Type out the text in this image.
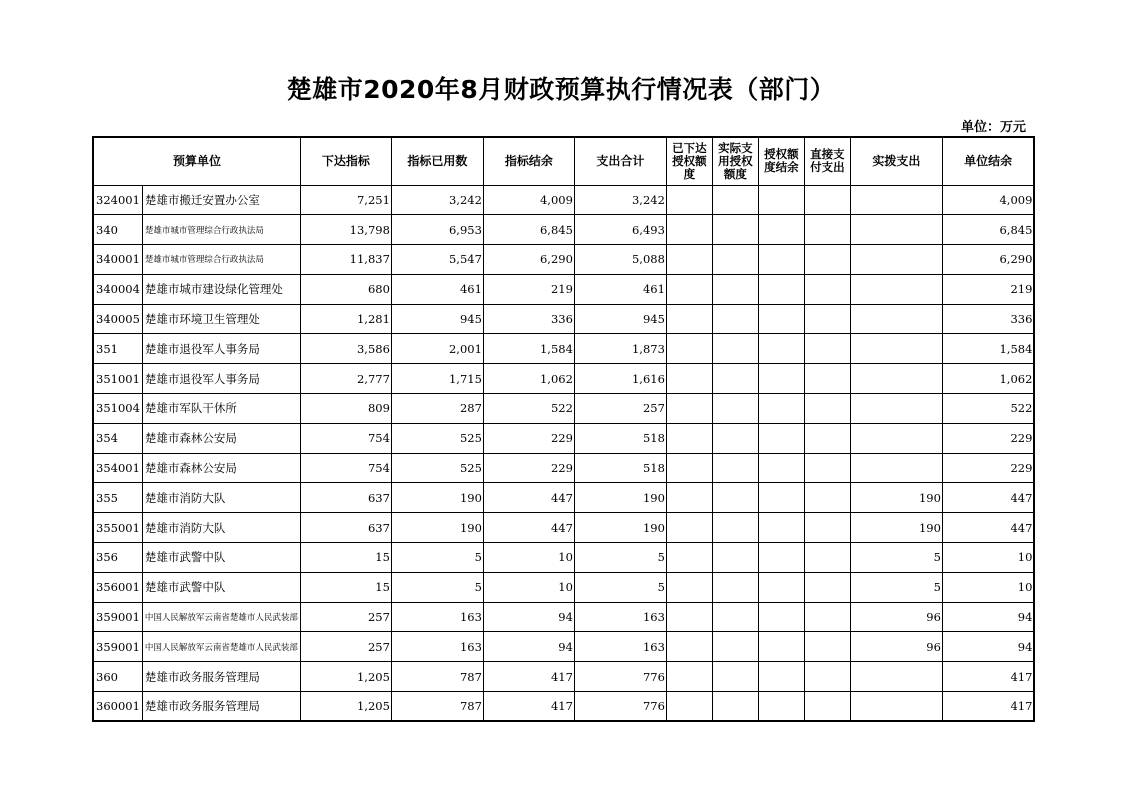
楚雄市2020年8月财政预算执行情况表（部门）
单位：万元
预算单位		下达指标	指标已用数	指标结余	支出合计	已下达授权额度	实际支用授权额度	授权额度结余	直接支付支出	实拨支出	单位结余
324001	楚雄市搬迁安置办公室	7,251	3,242	4,009	3,242						4,009
340	楚雄市城市管理综合行政执法局	13,798	6,953	6,845	6,493						6,845
340001	楚雄市城市管理综合行政执法局	11,837	5,547	6,290	5,088						6,290
340004	楚雄市城市建设绿化管理处	680	461	219	461						219
340005	楚雄市环境卫生管理处	1,281	945	336	945						336
351	楚雄市退役军人事务局	3,586	2,001	1,584	1,873						1,584
351001	楚雄市退役军人事务局	2,777	1,715	1,062	1,616						1,062
351004	楚雄市军队干休所	809	287	522	257						522
354	楚雄市森林公安局	754	525	229	518						229
354001	楚雄市森林公安局	754	525	229	518						229
355	楚雄市消防大队	637	190	447	190					190	447
355001	楚雄市消防大队	637	190	447	190					190	447
356	楚雄市武警中队	15	5	10	5					5	10
356001	楚雄市武警中队	15	5	10	5					5	10
359001	中国人民解放军云南省楚雄市人民武装部	257	163	94	163					96	94
359001	中国人民解放军云南省楚雄市人民武装部	257	163	94	163					96	94
360	楚雄市政务服务管理局	1,205	787	417	776						417
360001	楚雄市政务服务管理局	1,205	787	417	776						417
